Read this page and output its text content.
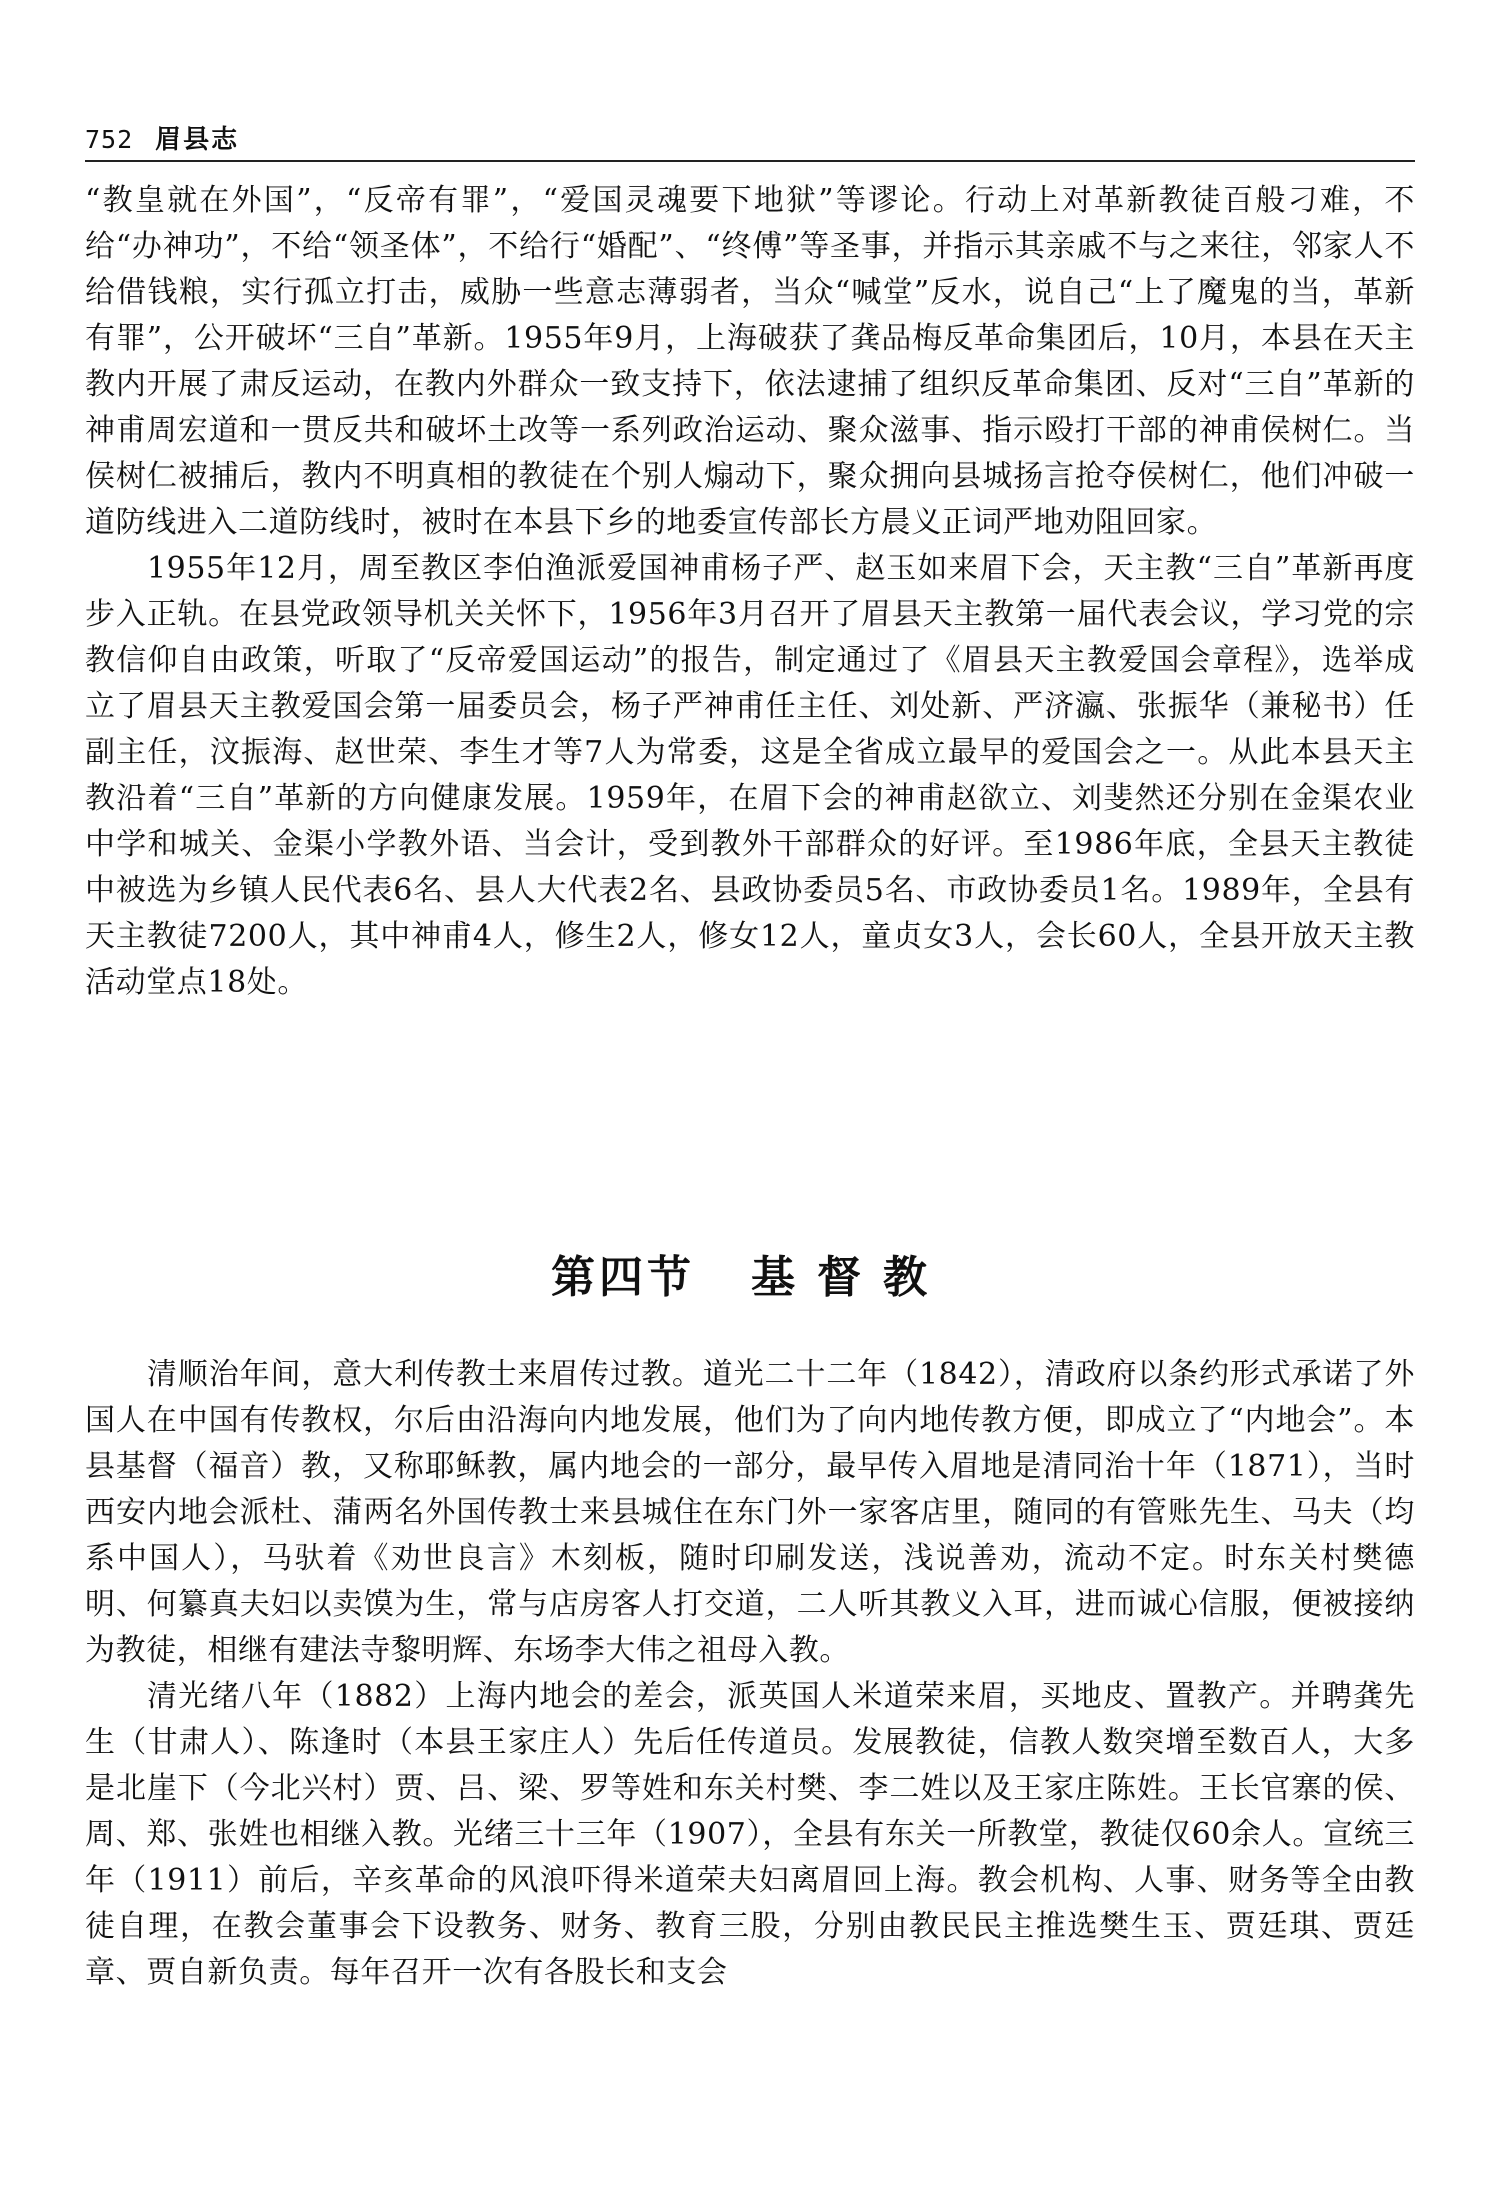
752 眉县志

“教皇就在外国”，“反帝有罪”，“爱国灵魂要下地狱”等谬论。行动上对革新教徒百般刁难，不给“办神功”，不给“领圣体”，不给行“婚配”、“终傅”等圣事，并指示其亲戚不与之来往，邻家人不给借钱粮，实行孤立打击，威胁一些意志薄弱者，当众“喊堂”反水，说自己“上了魔鬼的当，革新有罪”，公开破坏“三自”革新。1955年9月，上海破获了龚品梅反革命集团后，10月，本县在天主教内开展了肃反运动，在教内外群众一致支持下，依法逮捕了组织反革命集团、反对“三自”革新的神甫周宏道和一贯反共和破坏土改等一系列政治运动、聚众滋事、指示殴打干部的神甫侯树仁。当侯树仁被捕后，教内不明真相的教徒在个别人煽动下，聚众拥向县城扬言抢夺侯树仁，他们冲破一道防线进入二道防线时，被时在本县下乡的地委宣传部长方晨义正词严地劝阻回家。

1955年12月，周至教区李伯渔派爱国神甫杨子严、赵玉如来眉下会，天主教“三自”革新再度步入正轨。在县党政领导机关关怀下，1956年3月召开了眉县天主教第一届代表会议，学习党的宗教信仰自由政策，听取了“反帝爱国运动”的报告，制定通过了《眉县天主教爱国会章程》，选举成立了眉县天主教爱国会第一届委员会，杨子严神甫任主任、刘处新、严济瀛、张振华（兼秘书）任副主任，汶振海、赵世荣、李生才等7人为常委，这是全省成立最早的爱国会之一。从此本县天主教沿着“三自”革新的方向健康发展。1959年，在眉下会的神甫赵欲立、刘斐然还分别在金渠农业中学和城关、金渠小学教外语、当会计，受到教外干部群众的好评。至1986年底，全县天主教徒中被选为乡镇人民代表6名、县人大代表2名、县政协委员5名、市政协委员1名。1989年，全县有天主教徒7200人，其中神甫4人，修生2人，修女12人，童贞女3人，会长60人，全县开放天主教活动堂点18处。

第四节 基督教

清顺治年间，意大利传教士来眉传过教。道光二十二年（1842），清政府以条约形式承诺了外国人在中国有传教权，尔后由沿海向内地发展，他们为了向内地传教方便，即成立了“内地会”。本县基督（福音）教，又称耶稣教，属内地会的一部分，最早传入眉地是清同治十年（1871），当时西安内地会派杜、蒲两名外国传教士来县城住在东门外一家客店里，随同的有管账先生、马夫（均系中国人），马驮着《劝世良言》木刻板，随时印刷发送，浅说善劝，流动不定。时东关村樊德明、何纂真夫妇以卖馍为生，常与店房客人打交道，二人听其教义入耳，进而诚心信服，便被接纳为教徒，相继有建法寺黎明辉、东场李大伟之祖母入教。

清光绪八年（1882）上海内地会的差会，派英国人米道荣来眉，买地皮、置教产。并聘龚先生（甘肃人）、陈逢时（本县王家庄人）先后任传道员。发展教徒，信教人数突增至数百人，大多是北崖下（今北兴村）贾、吕、梁、罗等姓和东关村樊、李二姓以及王家庄陈姓。王长官寨的侯、周、郑、张姓也相继入教。光绪三十三年（1907），全县有东关一所教堂，教徒仅60余人。宣统三年（1911）前后，辛亥革命的风浪吓得米道荣夫妇离眉回上海。教会机构、人事、财务等全由教徒自理，在教会董事会下设教务、财务、教育三股，分别由教民民主推选樊生玉、贾廷琪、贾廷章、贾自新负责。每年召开一次有各股长和支会
